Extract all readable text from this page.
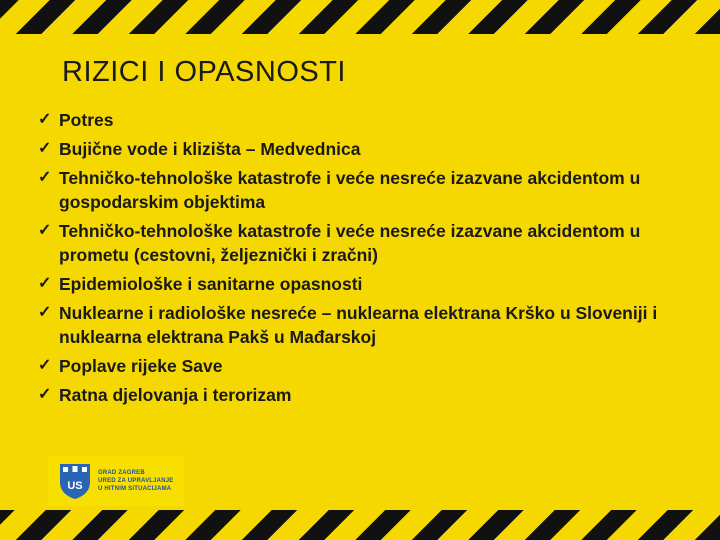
RIZICI I OPASNOSTI
✓ Potres
✓ Bujične vode i klizišta – Medvednica
✓ Tehničko-tehnološke katastrofe i veće nesreće izazvane akcidentom u gospodarskim objektima
✓ Tehničko-tehnološke katastrofe i veće nesreće izazvane akcidentom u prometu (cestovni, željeznički i zračni)
✓ Epidemiološke i sanitarne opasnosti
✓ Nuklearne i radiološke nesreće – nuklearna elektrana Krško u Sloveniji i nuklearna elektrana Pakš u Mađarskoj
✓ Poplave rijeke Save
✓ Ratna djelovanja i terorizam
US
GRAD ZAGREB
URED ZA UPRAVLJANJE
U HITNIM SITUACIJAMA
